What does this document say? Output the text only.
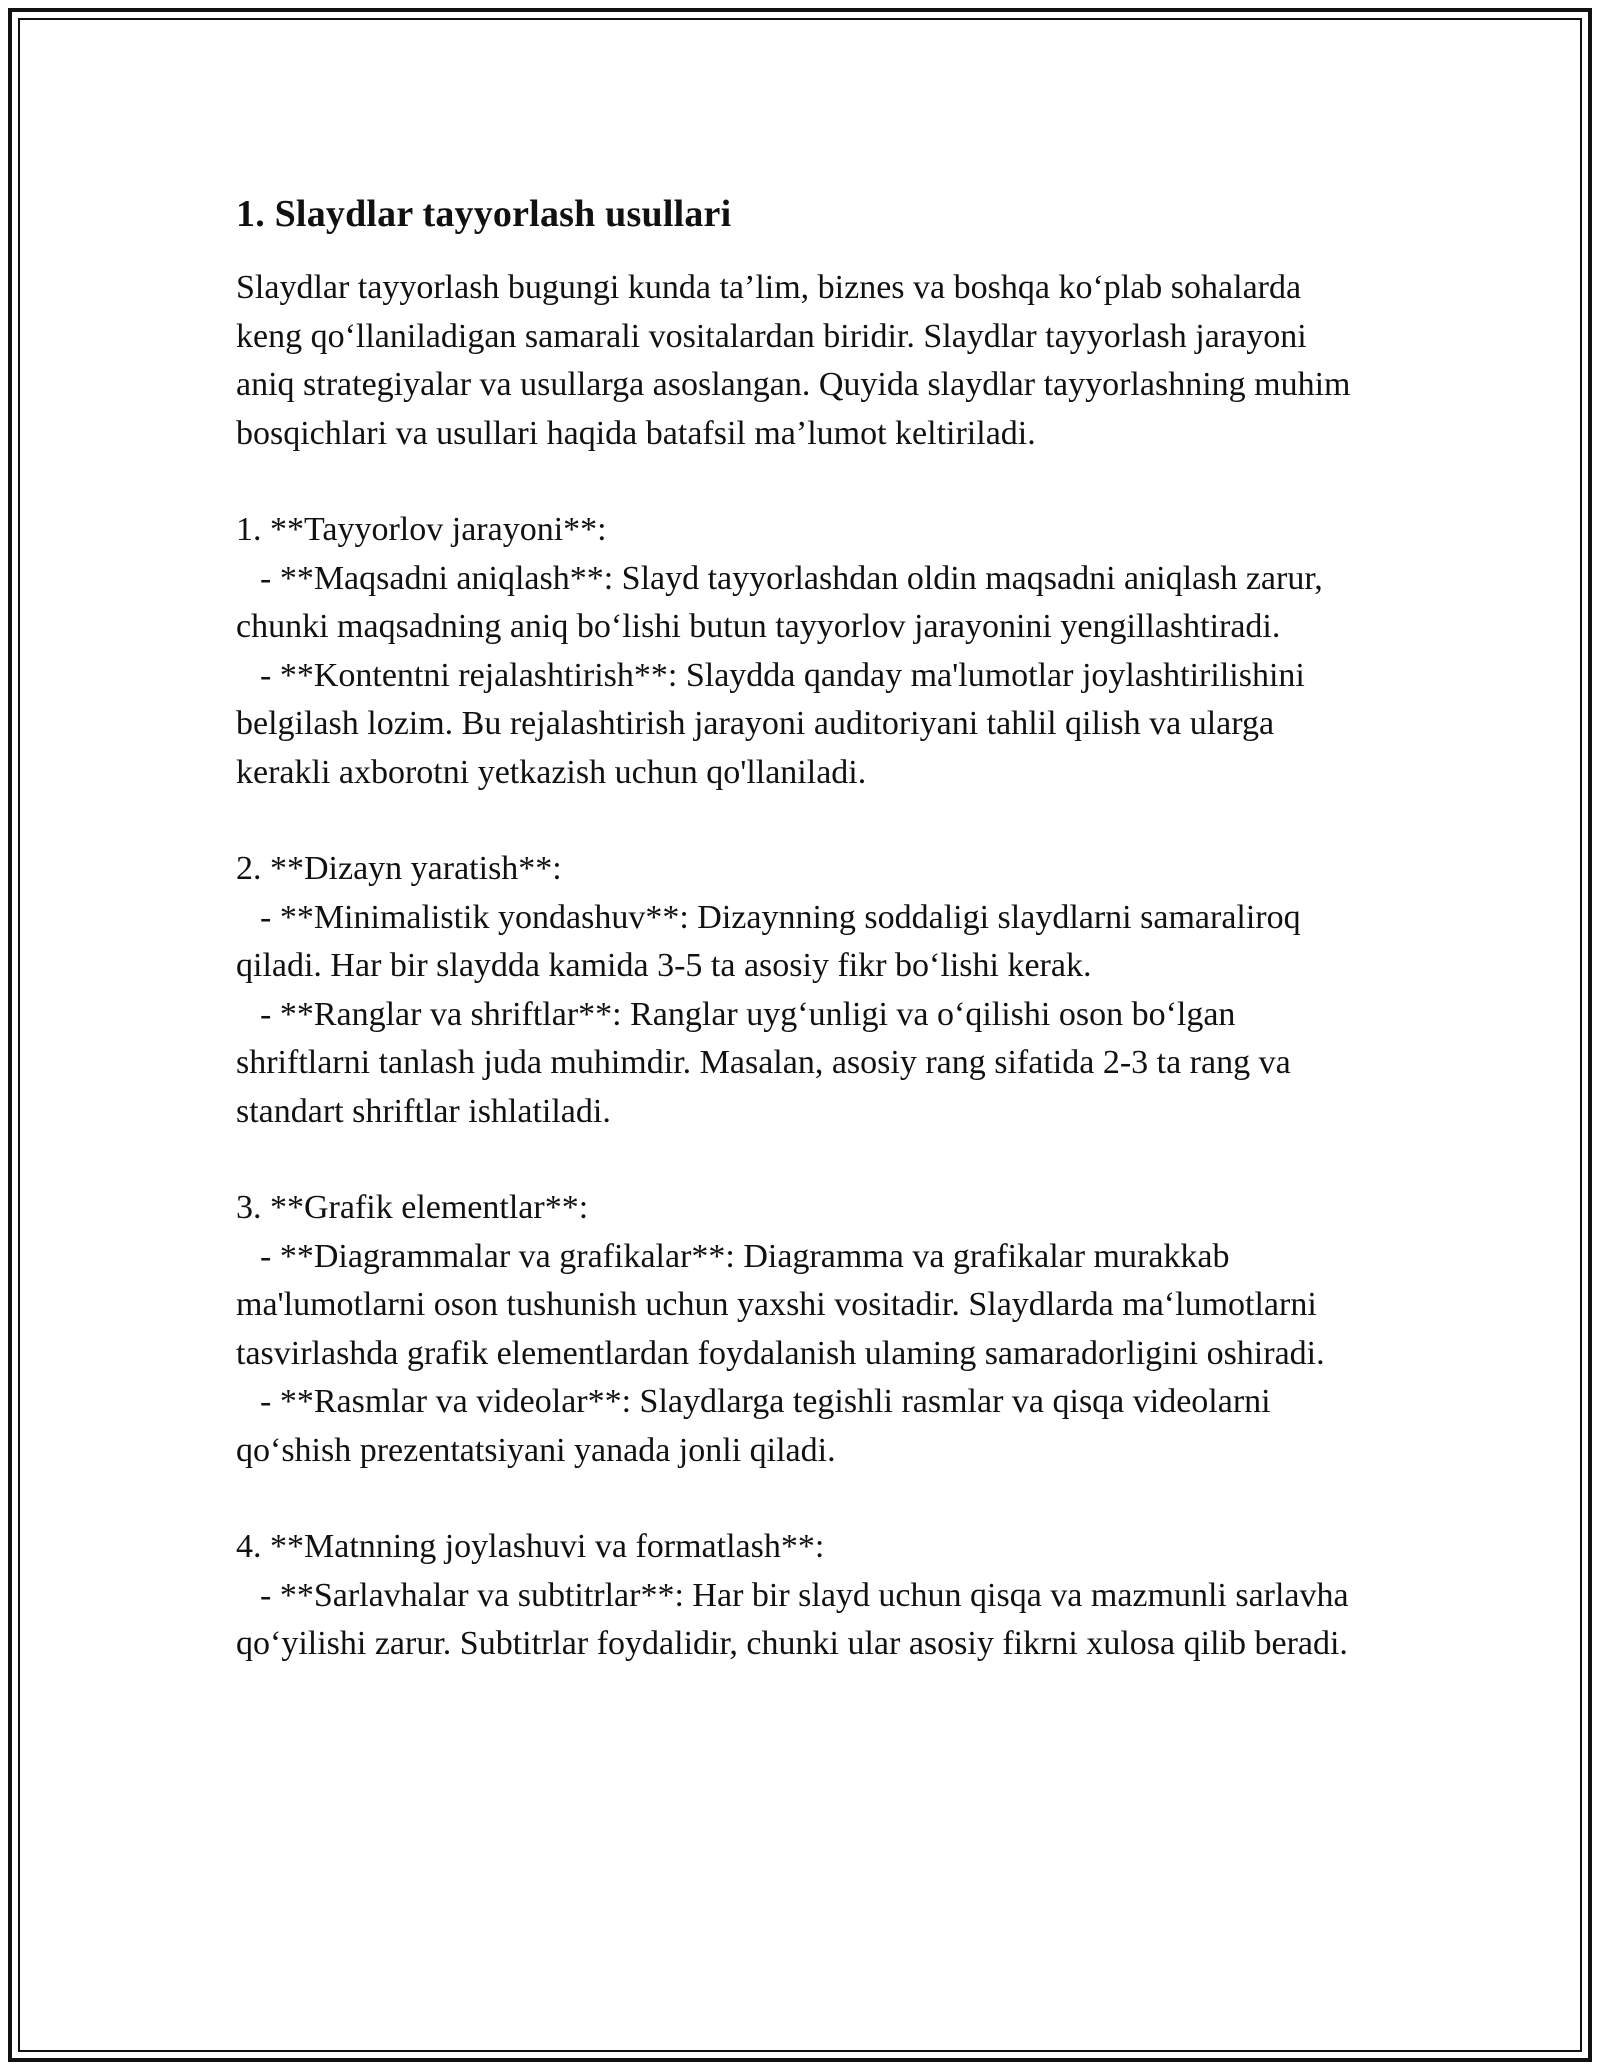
1. Slaydlar tayyorlash usullari

Slaydlar tayyorlash bugungi kunda ta’lim, biznes va boshqa ko‘plab sohalarda keng qo‘llaniladigan samarali vositalardan biridir. Slaydlar tayyorlash jarayoni aniq strategiyalar va usullarga asoslangan. Quyida slaydlar tayyorlashning muhim bosqichlari va usullari haqida batafsil ma’lumot keltiriladi.

1. **Tayyorlov jarayoni**:
- **Maqsadni aniqlash**: Slayd tayyorlashdan oldin maqsadni aniqlash zarur, chunki maqsadning aniq bo‘lishi butun tayyorlov jarayonini yengillashtiradi.
- **Kontentni rejalashtirish**: Slaydda qanday ma'lumotlar joylashtirilishini belgilash lozim. Bu rejalashtirish jarayoni auditoriyani tahlil qilish va ularga kerakli axborotni yetkazish uchun qo'llaniladi.
2. **Dizayn yaratish**:
- **Minimalistik yondashuv**: Dizaynning soddaligi slaydlarni samaraliroq qiladi. Har bir slaydda kamida 3-5 ta asosiy fikr bo‘lishi kerak.
- **Ranglar va shriftlar**: Ranglar uyg‘unligi va o‘qilishi oson bo‘lgan shriftlarni tanlash juda muhimdir. Masalan, asosiy rang sifatida 2-3 ta rang va standart shriftlar ishlatiladi.
3. **Grafik elementlar**:
- **Diagrammalar va grafikalar**: Diagramma va grafikalar murakkab ma'lumotlarni oson tushunish uchun yaxshi vositadir. Slaydlarda ma‘lumotlarni tasvirlashda grafik elementlardan foydalanish ulaming samaradorligini oshiradi.
- **Rasmlar va videolar**: Slaydlarga tegishli rasmlar va qisqa videolarni qo‘shish prezentatsiyani yanada jonli qiladi.
4. **Matnning joylashuvi va formatlash**:
- **Sarlavhalar va subtitrlar**: Har bir slayd uchun qisqa va mazmunli sarlavha qo‘yilishi zarur. Subtitrlar foydalidir, chunki ular asosiy fikrni xulosa qilib beradi.
